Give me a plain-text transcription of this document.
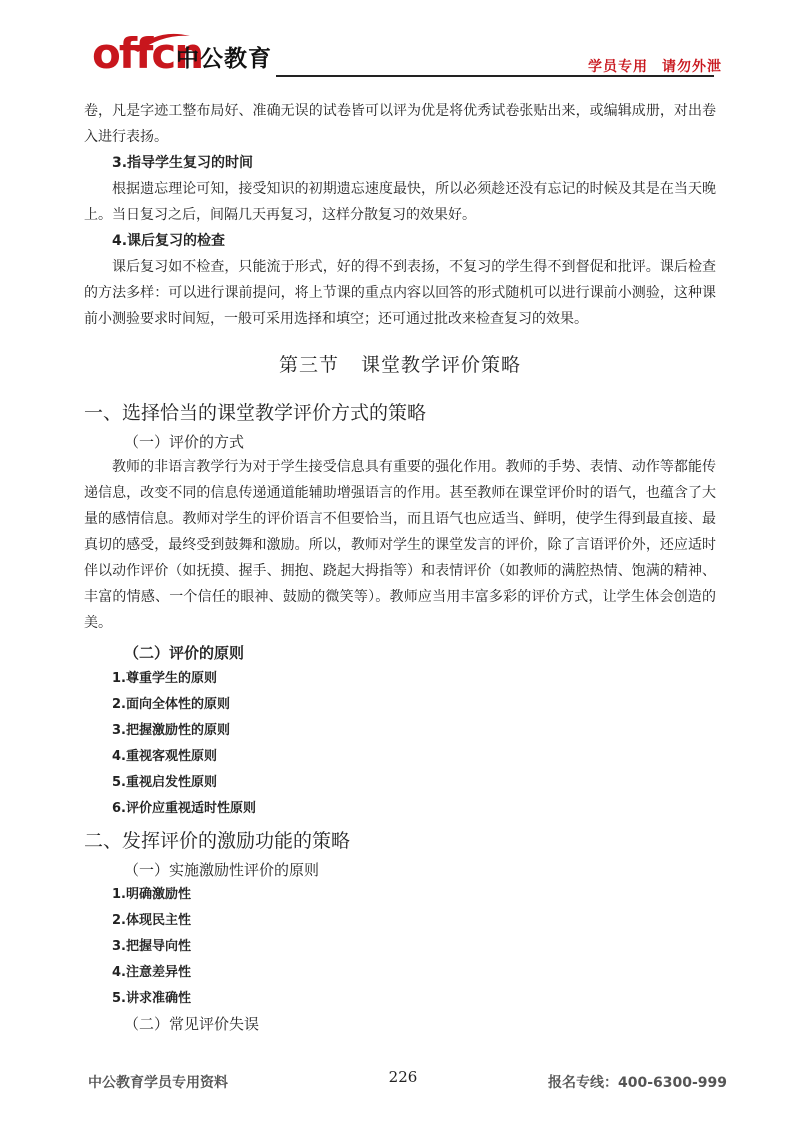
offcn
中公教育	学员专用 请勿外泄

卷，凡是字迹工整布局好、准确无误的试卷皆可以评为优是将优秀试卷张贴出来，或编辑成册，对出卷入进行表扬。

3.指导学生复习的时间

根据遗忘理论可知，接受知识的初期遗忘速度最快，所以必须趁还没有忘记的时候及其是在当天晚上。当日复习之后，间隔几天再复习，这样分散复习的效果好。

4.课后复习的检查

课后复习如不检查，只能流于形式，好的得不到表扬，不复习的学生得不到督促和批评。课后检查的方法多样：可以进行课前提问，将上节课的重点内容以回答的形式随机可以进行课前小测验，这种课前小测验要求时间短，一般可采用选择和填空；还可通过批改来检查复习的效果。

第三节 课堂教学评价策略
一、选择恰当的课堂教学评价方式的策略
（一）评价的方式

教师的非语言教学行为对于学生接受信息具有重要的强化作用。教师的手势、表情、动作等都能传递信息，改变不同的信息传递通道能辅助增强语言的作用。甚至教师在课堂评价时的语气，也蕴含了大量的感情信息。教师对学生的评价语言不但要恰当，而且语气也应适当、鲜明，使学生得到最直接、最真切的感受，最终受到鼓舞和激励。所以，教师对学生的课堂发言的评价，除了言语评价外，还应适时伴以动作评价（如抚摸、握手、拥抱、跷起大拇指等）和表情评价（如教师的满腔热情、饱满的精神、丰富的情感、一个信任的眼神、鼓励的微笑等）。教师应当用丰富多彩的评价方式，让学生体会创造的美。

（二）评价的原则
1.尊重学生的原则
2.面向全体性的原则
3.把握激励性的原则
4.重视客观性原则
5.重视启发性原则
6.评价应重视适时性原则
二、发挥评价的激励功能的策略
（一）实施激励性评价的原则
1.明确激励性
2.体现民主性
3.把握导向性
4.注意差异性
5.讲求准确性
（二）常见评价失误
中公教育学员专用资料	226	报名专线：400-6300-999
